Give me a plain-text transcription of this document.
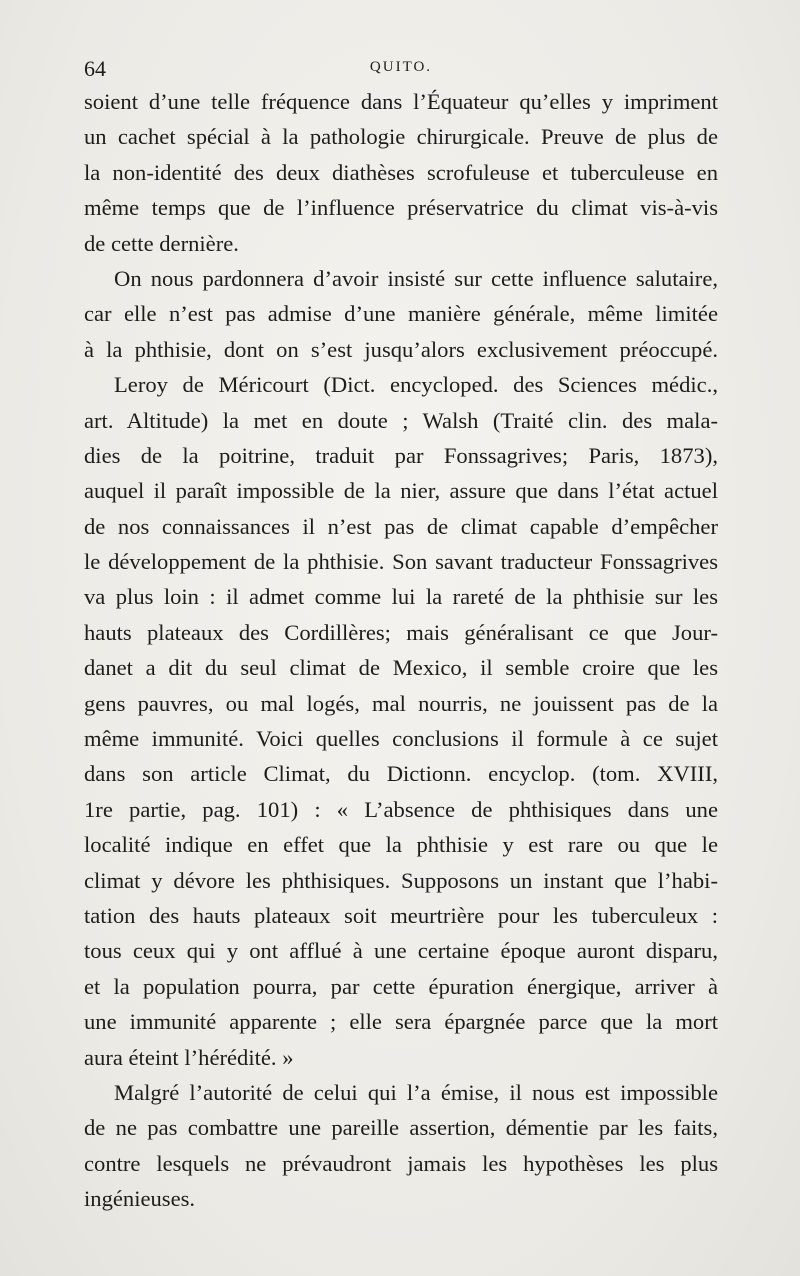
64	QUITO.
soient d’une telle fréquence dans l’Équateur qu’elles y impriment
un cachet spécial à la pathologie chirurgicale. Preuve de plus de
la non-identité des deux diathèses scrofuleuse et tuberculeuse en
même temps que de l’influence préservatrice du climat vis-à-vis
de cette dernière.
On nous pardonnera d’avoir insisté sur cette influence salutaire,
car elle n’est pas admise d’une manière générale, même limitée
à la phthisie, dont on s’est jusqu’alors exclusivement préoccupé.
Leroy de Méricourt (Dict. encycloped. des Sciences médic.,
art. Altitude) la met en doute ; Walsh (Traité clin. des mala-
dies de la poitrine, traduit par Fonssagrives; Paris, 1873),
auquel il paraît impossible de la nier, assure que dans l’état actuel
de nos connaissances il n’est pas de climat capable d’empêcher
le développement de la phthisie. Son savant traducteur Fonssagrives
va plus loin : il admet comme lui la rareté de la phthisie sur les
hauts plateaux des Cordillères; mais généralisant ce que Jour-
danet a dit du seul climat de Mexico, il semble croire que les
gens pauvres, ou mal logés, mal nourris, ne jouissent pas de la
même immunité. Voici quelles conclusions il formule à ce sujet
dans son article Climat, du Dictionn. encyclop. (tom. XVIII,
1re partie, pag. 101) : « L’absence de phthisiques dans une
localité indique en effet que la phthisie y est rare ou que le
climat y dévore les phthisiques. Supposons un instant que l’habi-
tation des hauts plateaux soit meurtrière pour les tuberculeux :
tous ceux qui y ont afflué à une certaine époque auront disparu,
et la population pourra, par cette épuration énergique, arriver à
une immunité apparente ; elle sera épargnée parce que la mort
aura éteint l’hérédité. »
Malgré l’autorité de celui qui l’a émise, il nous est impossible
de ne pas combattre une pareille assertion, démentie par les faits,
contre lesquels ne prévaudront jamais les hypothèses les plus
ingénieuses.
